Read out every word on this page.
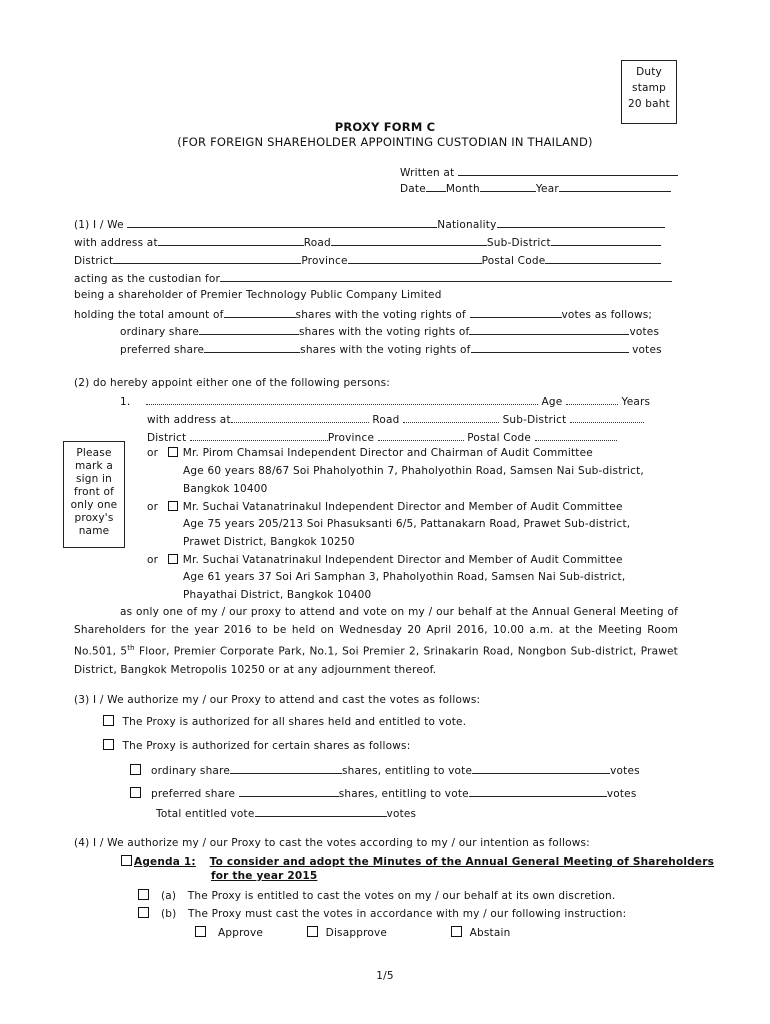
Duty
stamp
20 baht
PROXY FORM C
(FOR FOREIGN SHAREHOLDER APPOINTING CUSTODIAN IN THAILAND)
Written at
Date Month	Year
(1) I / We	Nationality
with address at	Road	Sub-District
District	Province	Postal Code
acting as the custodian for
being a shareholder of Premier Technology Public Company Limited
holding the total amount of	shares with the voting rights of	votes as follows;
ordinary share	shares with the voting rights of	votes
preferred share	shares with the voting rights of	votes
(2) do hereby appoint either one of the following persons:
1.	Age	Years
with address at	Road	Sub-District
District	Province	Postal Code
Please mark a sign in front of only one proxy's name
or Mr. Pirom Chamsai Independent Director and Chairman of Audit Committee
Age 60 years 88/67 Soi Phaholyothin 7, Phaholyothin Road, Samsen Nai Sub-district,
Bangkok 10400
or Mr. Suchai Vatanatrinakul Independent Director and Member of Audit Committee
Age 75 years 205/213 Soi Phasuksanti 6/5, Pattanakarn Road, Prawet Sub-district,
Prawet District, Bangkok 10250
or Mr. Suchai Vatanatrinakul Independent Director and Member of Audit Committee
Age 61 years 37 Soi Ari Samphan 3, Phaholyothin Road, Samsen Nai Sub-district,
Phayathai District, Bangkok 10400
as only one of my / our proxy to attend and vote on my / our behalf at the Annual General Meeting of Shareholders for the year 2016 to be held on Wednesday 20 April 2016, 10.00 a.m. at the Meeting Room No.501, 5th Floor, Premier Corporate Park, No.1, Soi Premier 2, Srinakarin Road, Nongbon Sub-district, Prawet District, Bangkok Metropolis 10250 or at any adjournment thereof.
(3) I / We authorize my / our Proxy to attend and cast the votes as follows:
The Proxy is authorized for all shares held and entitled to vote.
The Proxy is authorized for certain shares as follows:
ordinary share	shares, entitling to vote	votes
preferred share	shares, entitling to vote	votes
Total entitled vote	votes
(4) I / We authorize my / our Proxy to cast the votes according to my / our intention as follows:
Agenda 1: To consider and adopt the Minutes of the Annual General Meeting of Shareholders
for the year 2015
(a) The Proxy is entitled to cast the votes on my / our behalf at its own discretion.
(b) The Proxy must cast the votes in accordance with my / our following instruction:
Approve	Disapprove	Abstain
1/5
